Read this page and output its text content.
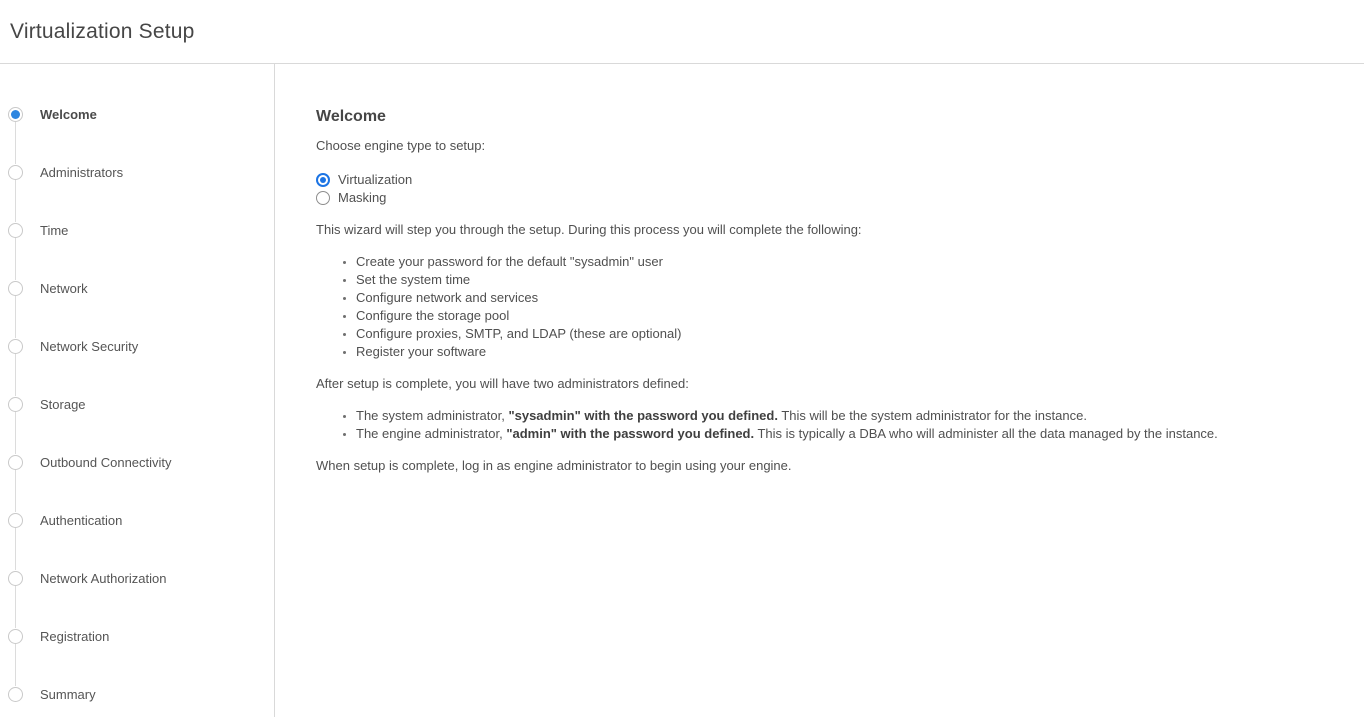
Virtualization Setup
Welcome
Administrators
Time
Network
Network Security
Storage
Outbound Connectivity
Authentication
Network Authorization
Registration
Summary
Welcome

Choose engine type to setup:

Virtualization
Masking

This wizard will step you through the setup. During this process you will complete the following:

• Create your password for the default "sysadmin" user
• Set the system time
• Configure network and services
• Configure the storage pool
• Configure proxies, SMTP, and LDAP (these are optional)
• Register your software

After setup is complete, you will have two administrators defined:

• The system administrator, "sysadmin" with the password you defined. This will be the system administrator for the instance.
• The engine administrator, "admin" with the password you defined. This is typically a DBA who will administer all the data managed by the instance.

When setup is complete, log in as engine administrator to begin using your engine.
